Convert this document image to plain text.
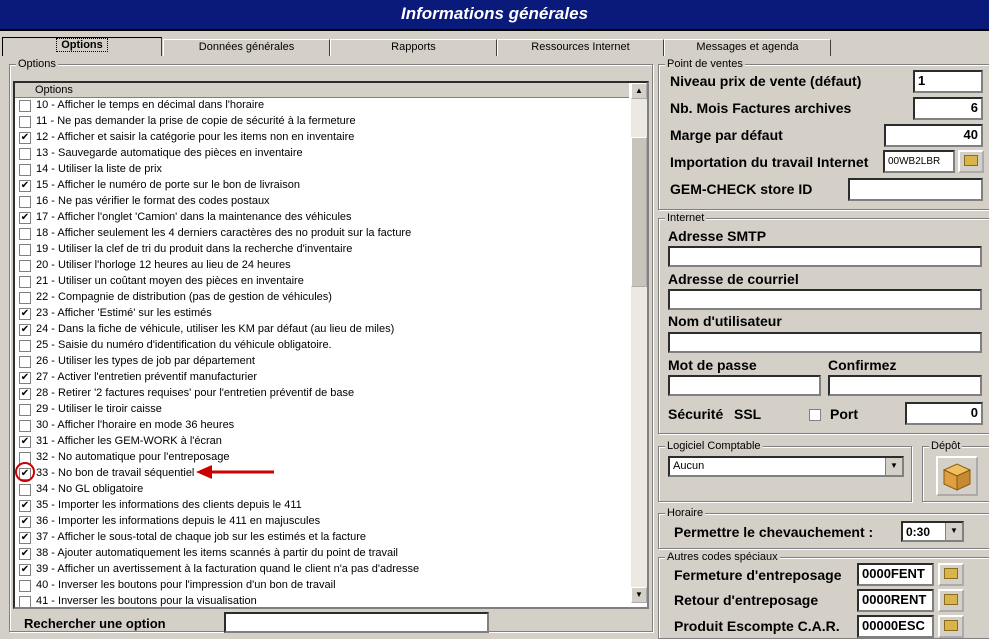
Informations générales
Options	Données générales	Rapports	Ressources Internet	Messages et agenda
Options
Options
10 - Afficher le temps en décimal dans l'horaire
11 - Ne pas demander la prise de copie de sécurité à la fermeture
✔ 12 - Afficher et saisir la catégorie pour les items non en inventaire
13 - Sauvegarde automatique des pièces en inventaire
14 - Utiliser la liste de prix
✔ 15 - Afficher le numéro de porte sur le bon de livraison
16 - Ne pas vérifier le format des codes postaux
✔ 17 - Afficher l'onglet 'Camion' dans la maintenance des véhicules
18 - Afficher seulement les 4 derniers caractères des no produit sur la facture
19 - Utiliser la clef de tri du produit dans la recherche d'inventaire
20 - Utiliser l'horloge 12 heures au lieu de 24 heures
21 - Utiliser un coûtant moyen des pièces en inventaire
22 - Compagnie de distribution (pas de gestion de véhicules)
✔ 23 - Afficher 'Estimé' sur les estimés
✔ 24 - Dans la fiche de véhicule, utiliser les KM par défaut (au lieu de miles)
25 - Saisie du numéro d'identification du véhicule obligatoire.
26 - Utiliser les types de job par département
✔ 27 - Activer l'entretien préventif manufacturier
✔ 28 - Retirer '2 factures requises' pour l'entretien préventif de base
29 - Utiliser le tiroir caisse
30 - Afficher l'horaire en mode 36 heures
✔ 31 - Afficher les GEM-WORK à l'écran
32 - No automatique pour l'entreposage
✔ 33 - No bon de travail séquentiel
34 - No GL obligatoire
✔ 35 - Importer les informations des clients depuis le 411
✔ 36 - Importer les informations depuis le 411 en majuscules
✔ 37 - Afficher le sous-total de chaque job sur les estimés et la facture
✔ 38 - Ajouter automatiquement les items scannés à partir du point de travail
✔ 39 - Afficher un avertissement à la facturation quand le client n'a pas d'adresse
40 - Inverser les boutons pour l'impression d'un bon de travail
41 - Inverser les boutons pour la visualisation
▲
▼
Rechercher une option
Point de ventes
Niveau prix de vente (défaut)	1
Nb. Mois Factures archives	6
Marge par défaut	40
Importation du travail Internet	00WB2LBR
GEM-CHECK store ID
Internet
Adresse SMTP
Adresse de courriel
Nom d'utilisateur
Mot de passe	Confirmez
Sécurité SSL	Port	0
Logiciel Comptable
Aucun	▼
Dépôt
Horaire
Permettre le chevauchement :	0:30	▼
Autres codes spéciaux
Fermeture d'entreposage	0000FENT
Retour d'entreposage	0000RENT
Produit Escompte C.A.R.	00000ESC
